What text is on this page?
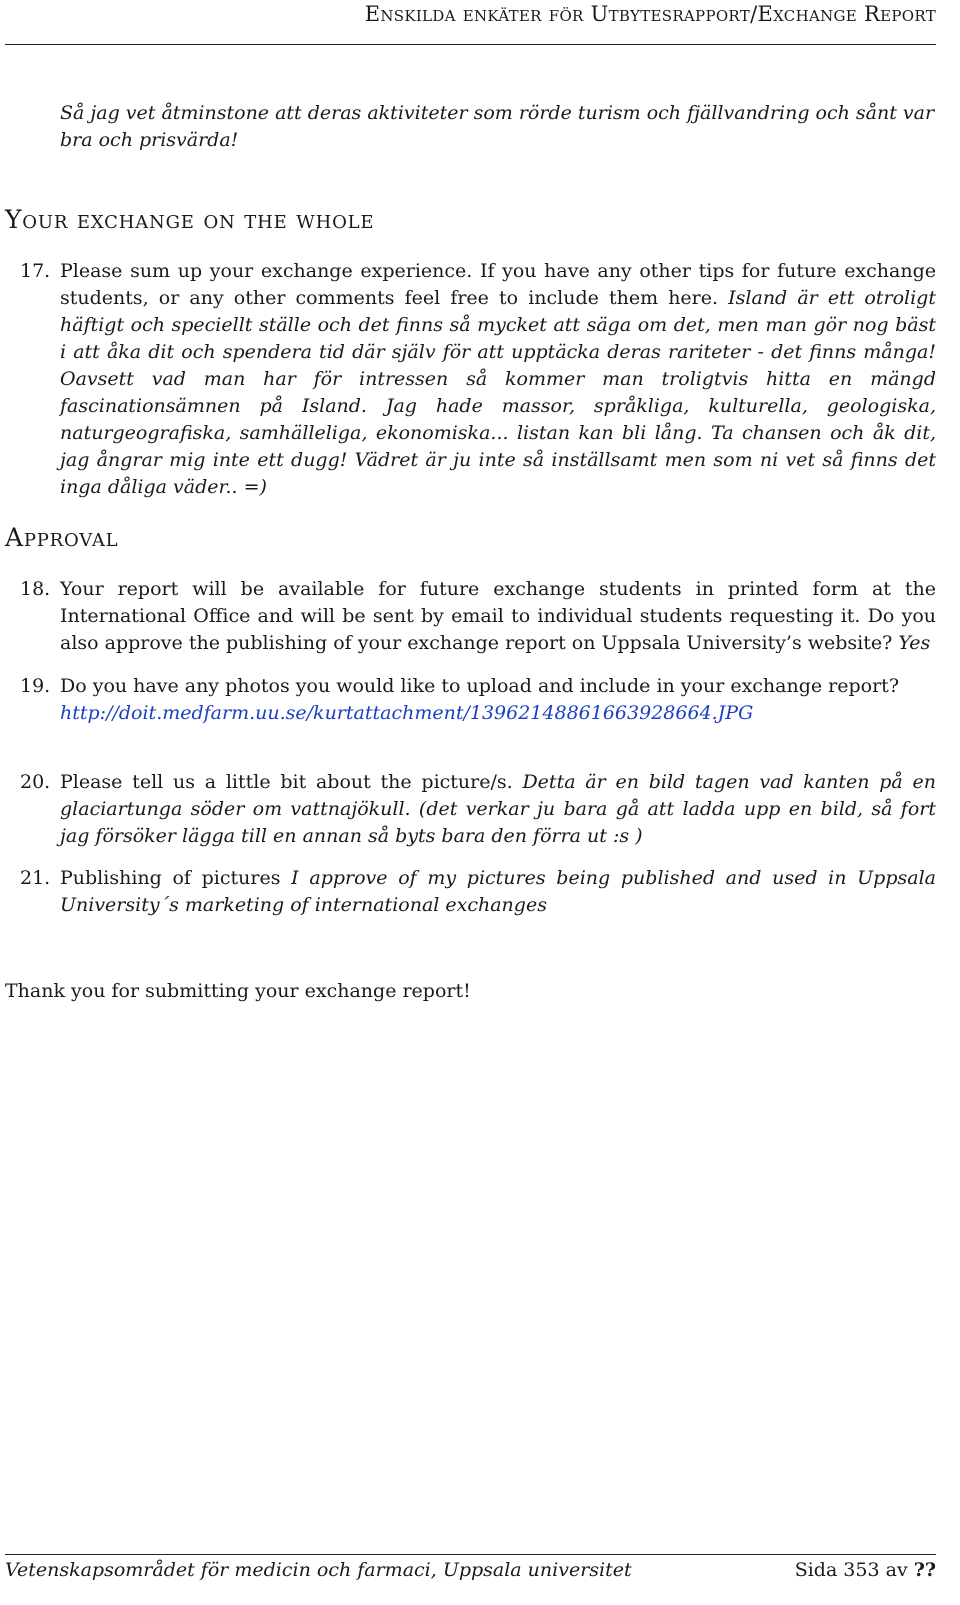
Enskilda enkäter för Utbytesrapport/Exchange Report
Så jag vet åtminstone att deras aktiviteter som rörde turism och fjällvandring och sånt var bra och prisvärda!
Your exchange on the whole
17. Please sum up your exchange experience. If you have any other tips for future exchange students, or any other comments feel free to include them here. Island är ett otroligt häftigt och speciellt ställe och det finns så mycket att säga om det, men man gör nog bäst i att åka dit och spendera tid där själv för att upptäcka deras rariteter - det finns många! Oavsett vad man har för intressen så kommer man troligtvis hitta en mängd fascinationsämnen på Island. Jag hade massor, språkliga, kulturella, geologiska, naturgeografiska, samhälleliga, ekonomiska... listan kan bli lång. Ta chansen och åk dit, jag ångrar mig inte ett dugg! Vädret är ju inte så inställsamt men som ni vet så finns det inga dåliga väder.. =)
Approval
18. Your report will be available for future exchange students in printed form at the International Office and will be sent by email to individual students requesting it. Do you also approve the publishing of your exchange report on Uppsala University’s website? Yes
19. Do you have any photos you would like to upload and include in your exchange report?
http://doit.medfarm.uu.se/kurtattachment/13962148861663928664.JPG
20. Please tell us a little bit about the picture/s. Detta är en bild tagen vad kanten på en glaciartunga söder om vattnajökull. (det verkar ju bara gå att ladda upp en bild, så fort jag försöker lägga till en annan så byts bara den förra ut :s )
21. Publishing of pictures I approve of my pictures being published and used in Uppsala University´s marketing of international exchanges
Thank you for submitting your exchange report!
Vetenskapsområdet för medicin och farmaci, Uppsala universitet	Sida 353 av ??
